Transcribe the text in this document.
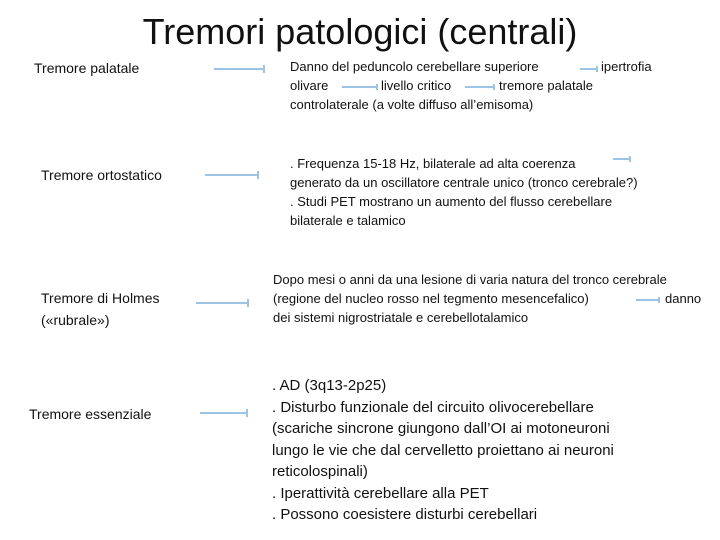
Tremori patologici (centrali)
Tremore palatale	Danno del peduncolo cerebellare superiore	ipertrofia
olivare	livello critico	tremore palatale
controlaterale (a volte diffuso all’emisoma)
Tremore ortostatico
. Frequenza 15-18 Hz, bilaterale ad alta coerenza
generato da un oscillatore centrale unico (tronco cerebrale?)
. Studi PET mostrano un aumento del flusso cerebellare
bilaterale e talamico
Tremore di Holmes
(«rubrale»)
Dopo mesi o anni da una lesione di varia natura del tronco cerebrale
(regione del nucleo rosso nel tegmento mesencefalico)	danno
dei sistemi nigrostriatale e cerebellotalamico
Tremore essenziale
. AD (3q13-2p25)
. Disturbo funzionale del circuito olivocerebellare
(scariche sincrone giungono dall’OI ai motoneuroni
lungo le vie che dal cervelletto proiettano ai neuroni
reticolospinali)
. Iperattività cerebellare alla PET
. Possono coesistere disturbi cerebellari
